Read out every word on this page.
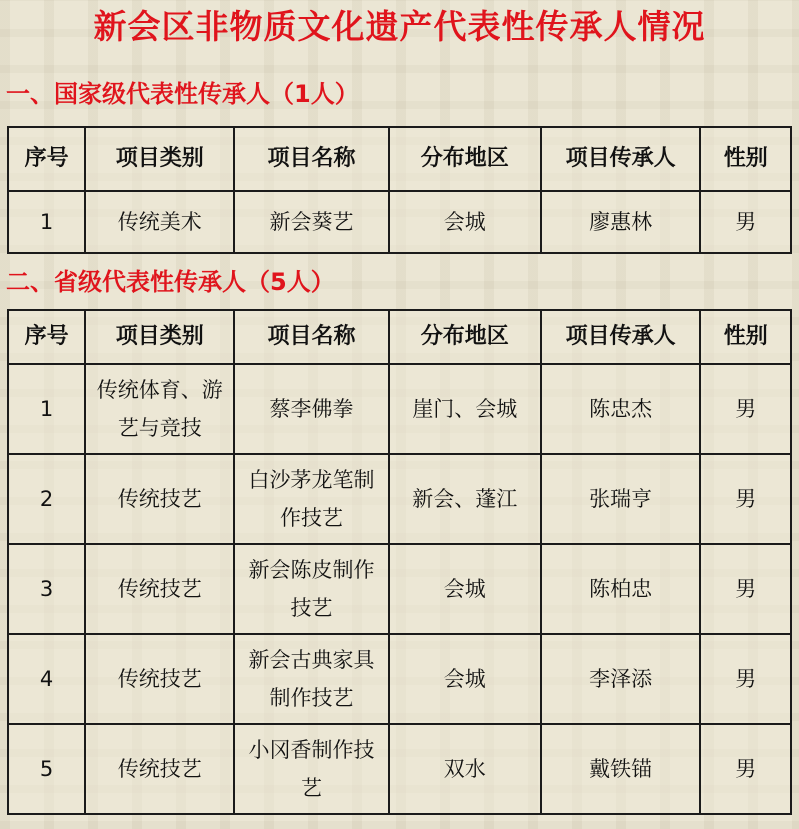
新会区非物质文化遗产代表性传承人情况
一、国家级代表性传承人（1人）
序号	项目类别	项目名称	分布地区	项目传承人	性别
1	传统美术	新会葵艺	会城	廖惠林	男
二、省级代表性传承人（5人）
序号	项目类别	项目名称	分布地区	项目传承人	性别
1	传统体育、游艺与竞技	蔡李佛拳	崖门、会城	陈忠杰	男
2	传统技艺	白沙茅龙笔制作技艺	新会、蓬江	张瑞亨	男
3	传统技艺	新会陈皮制作技艺	会城	陈柏忠	男
4	传统技艺	新会古典家具制作技艺	会城	李泽添	男
5	传统技艺	小冈香制作技艺	双水	戴铁锚	男
